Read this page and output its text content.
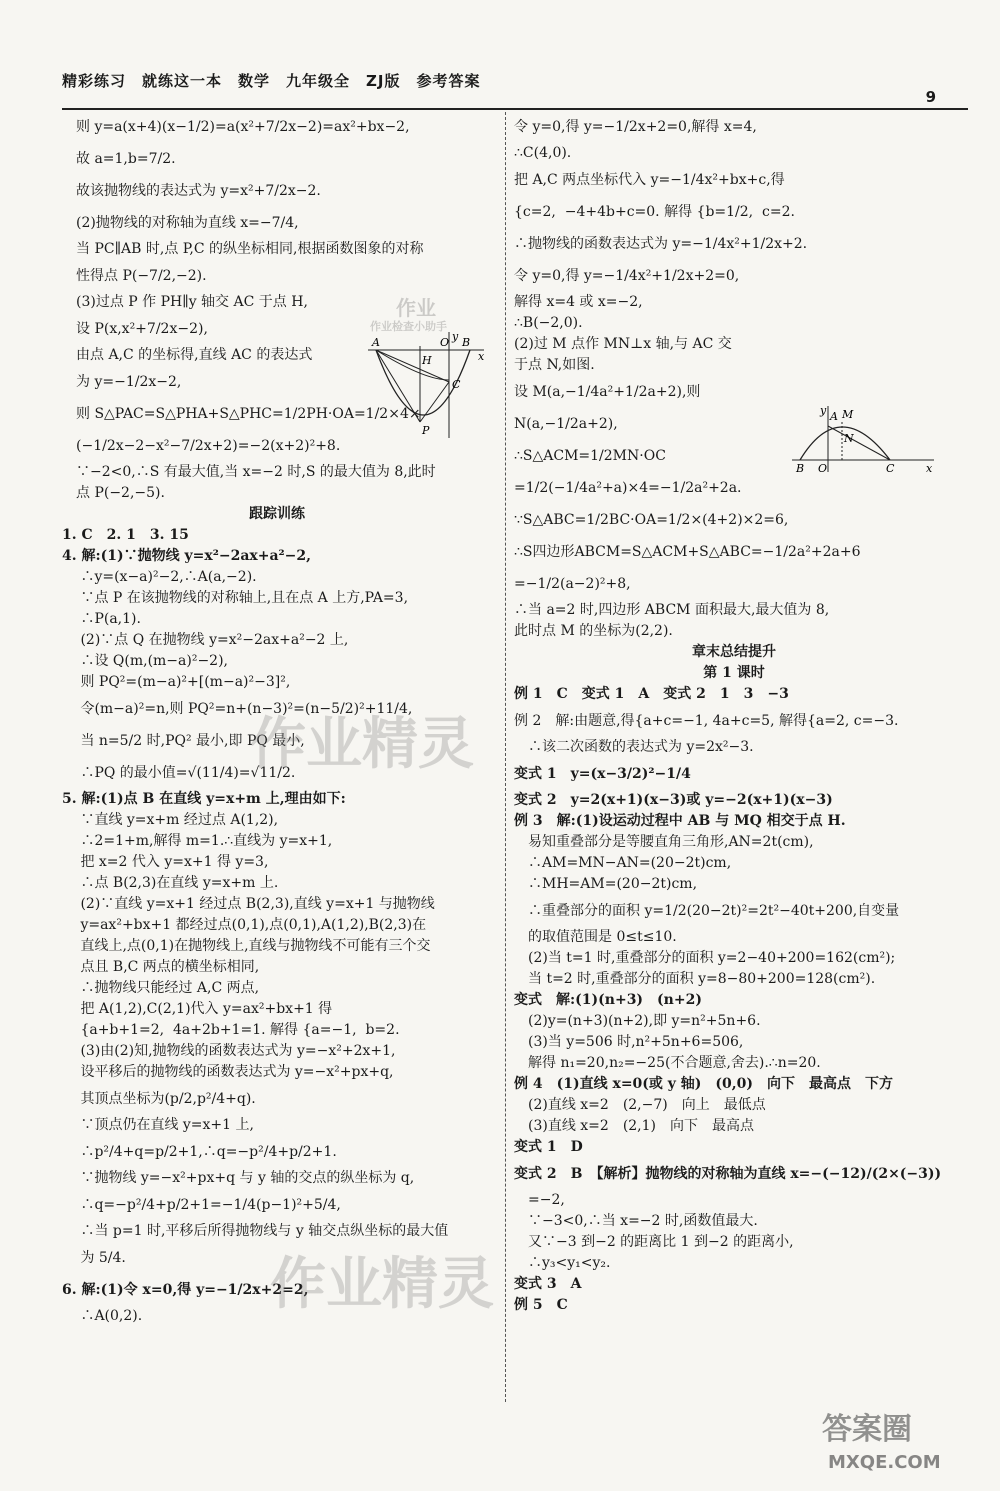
精彩练习　就练这一本　数学　九年级全　ZJ版　参考答案
9

　则 y=a(x+4)(x−1/2)=a(x²+7/2x−2)=ax²+bx−2,

　故 a=1,b=7/2.

　故该抛物线的表达式为 y=x²+7/2x−2.

　(2)抛物线的对称轴为直线 x=−7/4,

　当 PC∥AB 时,点 P,C 的纵坐标相同,根据函数图象的对称

　性得点 P(−7/2,−2).

　(3)过点 P 作 PH∥y 轴交 AC 于点 H,

　设 P(x,x²+7/2x−2),

　由点 A,C 的坐标得,直线 AC 的表达式

　为 y=−1/2x−2,

　则 S△PAC=S△PHA+S△PHC=1/2PH·OA=1/2×4×

　(−1/2x−2−x²−7/2x+2)=−2(x+2)²+8.

　∵−2<0,∴S 有最大值,当 x=−2 时,S 的最大值为 8,此时

　点 P(−2,−5).

跟踪训练

1. C　2. 1　3. 15

4. 解:(1)∵抛物线 y=x²−2ax+a²−2,

　 ∴y=(x−a)²−2,∴A(a,−2).

　 ∵点 P 在该抛物线的对称轴上,且在点 A 上方,PA=3,

　 ∴P(a,1).

　 (2)∵点 Q 在抛物线 y=x²−2ax+a²−2 上,

　 ∴设 Q(m,(m−a)²−2),

　 则 PQ²=(m−a)²+[(m−a)²−3]²,

　 令(m−a)²=n,则 PQ²=n+(n−3)²=(n−5/2)²+11/4,

　 当 n=5/2 时,PQ² 最小,即 PQ 最小,

　 ∴PQ 的最小值=√(11/4)=√11/2.

5. 解:(1)点 B 在直线 y=x+m 上,理由如下:

　 ∵直线 y=x+m 经过点 A(1,2),

　 ∴2=1+m,解得 m=1.∴直线为 y=x+1,

　 把 x=2 代入 y=x+1 得 y=3,

　 ∴点 B(2,3)在直线 y=x+m 上.

　 (2)∵直线 y=x+1 经过点 B(2,3),直线 y=x+1 与抛物线

　 y=ax²+bx+1 都经过点(0,1),点(0,1),A(1,2),B(2,3)在

　 直线上,点(0,1)在抛物线上,直线与抛物线不可能有三个交

　 点且 B,C 两点的横坐标相同,

　 ∴抛物线只能经过 A,C 两点,

　 把 A(1,2),C(2,1)代入 y=ax²+bx+1 得

　 {a+b+1=2,  4a+2b+1=1. 解得 {a=−1,  b=2.

　 (3)由(2)知,抛物线的函数表达式为 y=−x²+2x+1,

　 设平移后的抛物线的函数表达式为 y=−x²+px+q,

　 其顶点坐标为(p/2,p²/4+q).

　 ∵顶点仍在直线 y=x+1 上,

　 ∴p²/4+q=p/2+1,∴q=−p²/4+p/2+1.

　 ∵抛物线 y=−x²+px+q 与 y 轴的交点的纵坐标为 q,

　 ∴q=−p²/4+p/2+1=−1/4(p−1)²+5/4,

　 ∴当 p=1 时,平移后所得抛物线与 y 轴交点纵坐标的最大值

　 为 5/4.

6. 解:(1)令 x=0,得 y=−1/2x+2=2,

　 ∴A(0,2).

令 y=0,得 y=−1/2x+2=0,解得 x=4,

∴C(4,0).

把 A,C 两点坐标代入 y=−1/4x²+bx+c,得

{c=2,  −4+4b+c=0. 解得 {b=1/2,  c=2.

∴抛物线的函数表达式为 y=−1/4x²+1/2x+2.

令 y=0,得 y=−1/4x²+1/2x+2=0,

解得 x=4 或 x=−2,

∴B(−2,0).

(2)过 M 点作 MN⊥x 轴,与 AC 交

于点 N,如图.

设 M(a,−1/4a²+1/2a+2),则

N(a,−1/2a+2),

∴S△ACM=1/2MN·OC

=1/2(−1/4a²+a)×4=−1/2a²+2a.

∵S△ABC=1/2BC·OA=1/2×(4+2)×2=6,

∴S四边形ABCM=S△ACM+S△ABC=−1/2a²+2a+6

=−1/2(a−2)²+8,

∴当 a=2 时,四边形 ABCM 面积最大,最大值为 8,

此时点 M 的坐标为(2,2).

章末总结提升

第 1 课时

例 1　C　变式 1　A　变式 2　1　3　−3

例 2　解:由题意,得{a+c=−1, 4a+c=5, 解得{a=2, c=−3.

　∴该二次函数的表达式为 y=2x²−3.

变式 1　y=(x−3/2)²−1/4

变式 2　y=2(x+1)(x−3)或 y=−2(x+1)(x−3)

例 3　解:(1)设运动过程中 AB 与 MQ 相交于点 H.

　易知重叠部分是等腰直角三角形,AN=2t(cm),

　∴AM=MN−AN=(20−2t)cm,

　∴MH=AM=(20−2t)cm,

　∴重叠部分的面积 y=1/2(20−2t)²=2t²−40t+200,自变量

　的取值范围是 0≤t≤10.

　(2)当 t=1 时,重叠部分的面积 y=2−40+200=162(cm²);

　当 t=2 时,重叠部分的面积 y=8−80+200=128(cm²).

变式　解:(1)(n+3)　(n+2)

　(2)y=(n+3)(n+2),即 y=n²+5n+6.

　(3)当 y=506 时,n²+5n+6=506,

　解得 n₁=20,n₂=−25(不合题意,舍去).∴n=20.

例 4　(1)直线 x=0(或 y 轴)　(0,0)　向下　最高点　下方

　(2)直线 x=2　(2,−7)　向上　最低点

　(3)直线 x=2　(2,1)　向下　最高点

变式 1　D

变式 2　B　【解析】抛物线的对称轴为直线 x=−(−12)/(2×(−3))

　=−2,

　∵−3<0,∴当 x=−2 时,函数值最大.

　又∵−3 到−2 的距离比 1 到−2 的距离小,

　∴y₃<y₁<y₂.

变式 3　A

例 5　C

y
A
H
O B
x
C
P
y A M
N
B O	C	x
作业
作业检查小助手
作业精灵
作业精灵
答案圈
MXQE.COM
